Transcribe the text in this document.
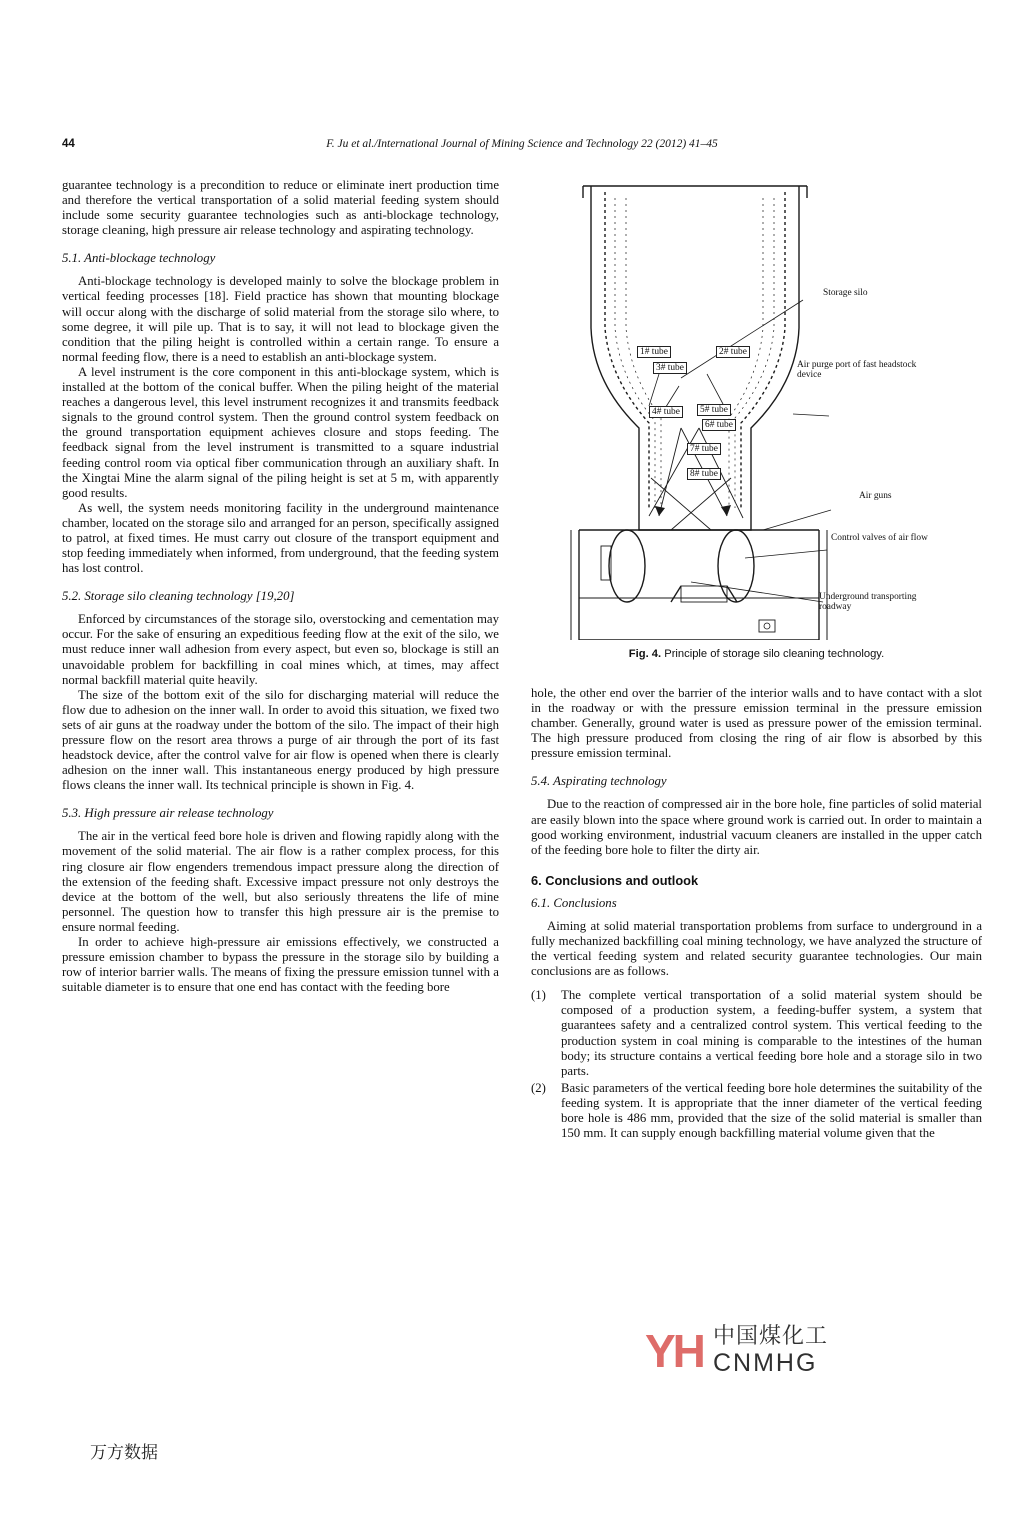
44	F. Ju et al./International Journal of Mining Science and Technology 22 (2012) 41–45

guarantee technology is a precondition to reduce or eliminate inert production time and therefore the vertical transportation of a solid material feeding system should include some security guarantee technologies such as anti-blockage technology, storage cleaning, high pressure air release technology and aspirating technology.

5.1. Anti-blockage technology

Anti-blockage technology is developed mainly to solve the blockage problem in vertical feeding processes [18]. Field practice has shown that mounting blockage will occur along with the discharge of solid material from the storage silo where, to some degree, it will pile up. That is to say, it will not lead to blockage given the condition that the piling height is controlled within a certain range. To ensure a normal feeding flow, there is a need to establish an anti-blockage system.

A level instrument is the core component in this anti-blockage system, which is installed at the bottom of the conical buffer. When the piling height of the material reaches a dangerous level, this level instrument recognizes it and transmits feedback signals to the ground control system. Then the ground control system feedback on the ground transportation equipment achieves closure and stops feeding. The feedback signal from the level instrument is transmitted to a square industrial feeding control room via optical fiber communication through an auxiliary shaft. In the Xingtai Mine the alarm signal of the piling height is set at 5 m, with apparently good results.

As well, the system needs monitoring facility in the underground maintenance chamber, located on the storage silo and arranged for an person, specifically assigned to patrol, at fixed times. He must carry out closure of the transport equipment and stop feeding immediately when informed, from underground, that the feeding system has lost control.

5.2. Storage silo cleaning technology [19,20]

Enforced by circumstances of the storage silo, overstocking and cementation may occur. For the sake of ensuring an expeditious feeding flow at the exit of the silo, we must reduce inner wall adhesion from every aspect, but even so, blockage is still an unavoidable problem for backfilling in coal mines which, at times, may affect normal backfill material quite heavily.

The size of the bottom exit of the silo for discharging material will reduce the flow due to adhesion on the inner wall. In order to avoid this situation, we fixed two sets of air guns at the roadway under the bottom of the silo. The impact of their high pressure flow on the resort area throws a purge of air through the port of its fast headstock device, after the control valve for air flow is opened when there is clearly adhesion on the inner wall. This instantaneous energy produced by high pressure flows cleans the inner wall. Its technical principle is shown in Fig. 4.

5.3. High pressure air release technology

The air in the vertical feed bore hole is driven and flowing rapidly along with the movement of the solid material. The air flow is a rather complex process, for this ring closure air flow engenders tremendous impact pressure along the direction of the extension of the feeding shaft. Excessive impact pressure not only destroys the device at the bottom of the well, but also seriously threatens the life of mine personnel. The question how to transfer this high pressure air is the premise to ensure normal feeding.

In order to achieve high-pressure air emissions effectively, we constructed a pressure emission chamber to bypass the pressure in the storage silo by building a row of interior barrier walls. The means of fixing the pressure emission tunnel with a suitable diameter is to ensure that one end has contact with the feeding bore

Storage silo
1# tube	2# tube
3# tube
4# tube	5# tube
6# tube
7# tube
8# tube
Air purge port of fast headstock device
Air guns
Control valves of air flow
Underground transporting roadway
Fig. 4. Principle of storage silo cleaning technology.

hole, the other end over the barrier of the interior walls and to have contact with a slot in the roadway or with the pressure emission terminal in the pressure emission chamber. Generally, ground water is used as pressure power of the emission terminal. The high pressure produced from closing the ring of air flow is absorbed by this pressure emission terminal.

5.4. Aspirating technology

Due to the reaction of compressed air in the bore hole, fine particles of solid material are easily blown into the space where ground work is carried out. In order to maintain a good working environment, industrial vacuum cleaners are installed in the upper catch of the feeding bore hole to filter the dirty air.

6. Conclusions and outlook
6.1. Conclusions

Aiming at solid material transportation problems from surface to underground in a fully mechanized backfilling coal mining technology, we have analyzed the structure of the vertical feeding system and related security guarantee technologies. Our main conclusions are as follows.

(1) The complete vertical transportation of a solid material system should be composed of a production system, a feeding-buffer system, a system that guarantees safety and a centralized control system. This vertical feeding to the production system in coal mining is comparable to the intestines of the human body; its structure contains a vertical feeding bore hole and a storage silo in two parts.
(2) Basic parameters of the vertical feeding bore hole determines the suitability of the feeding system. It is appropriate that the inner diameter of the vertical feeding bore hole is 486 mm, provided that the size of the solid material is smaller than 150 mm. It can supply enough backfilling material volume given that the
YH 中国煤化工
CNMHG
万方数据
